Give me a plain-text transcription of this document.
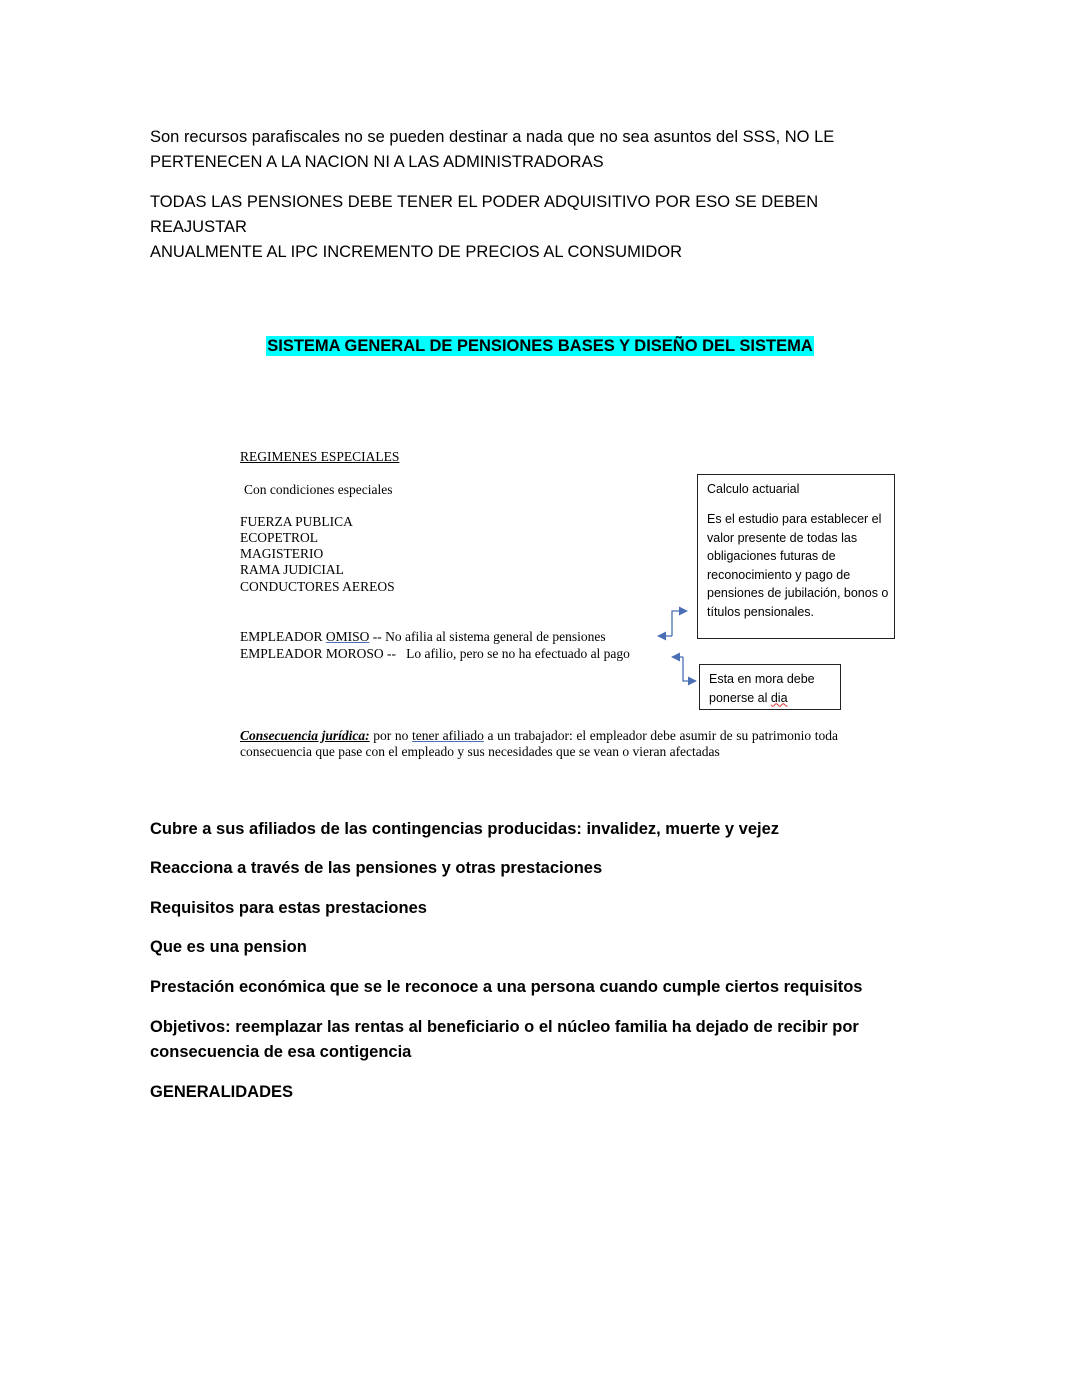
Son recursos parafiscales no se pueden destinar a nada que no sea asuntos del SSS, NO LE
PERTENECEN A LA NACION NI A LAS ADMINISTRADORAS

TODAS LAS PENSIONES DEBE TENER EL PODER ADQUISITIVO POR ESO SE DEBEN REAJUSTAR
ANUALMENTE AL IPC INCREMENTO DE PRECIOS AL CONSUMIDOR

SISTEMA GENERAL DE PENSIONES BASES Y DISEÑO DEL SISTEMA
REGIMENES ESPECIALES
Con condiciones especiales
FUERZA PUBLICA
ECOPETROL
MAGISTERIO
RAMA JUDICIAL
CONDUCTORES AEREOS
EMPLEADOR OMISO -- No afilia al sistema general de pensiones
EMPLEADOR MOROSO -- Lo afilio, pero se no ha efectuado al pago
Calculo actuarial
Es el estudio para establecer el valor presente de todas las obligaciones futuras de reconocimiento y pago de pensiones de jubilación, bonos o títulos pensionales.
Esta en mora debe
ponerse al dia
Consecuencia jurídica: por no tener afiliado a un trabajador: el empleador debe asumir de su patrimonio toda consecuencia que pase con el empleado y sus necesidades que se vean o vieran afectadas

Cubre a sus afiliados de las contingencias producidas: invalidez, muerte y vejez

Reacciona a través de las pensiones y otras prestaciones

Requisitos para estas prestaciones

Que es una pension

Prestación económica que se le reconoce a una persona cuando cumple ciertos requisitos

Objetivos: reemplazar las rentas al beneficiario o el núcleo familia ha dejado de recibir por
consecuencia de esa contigencia

GENERALIDADES
